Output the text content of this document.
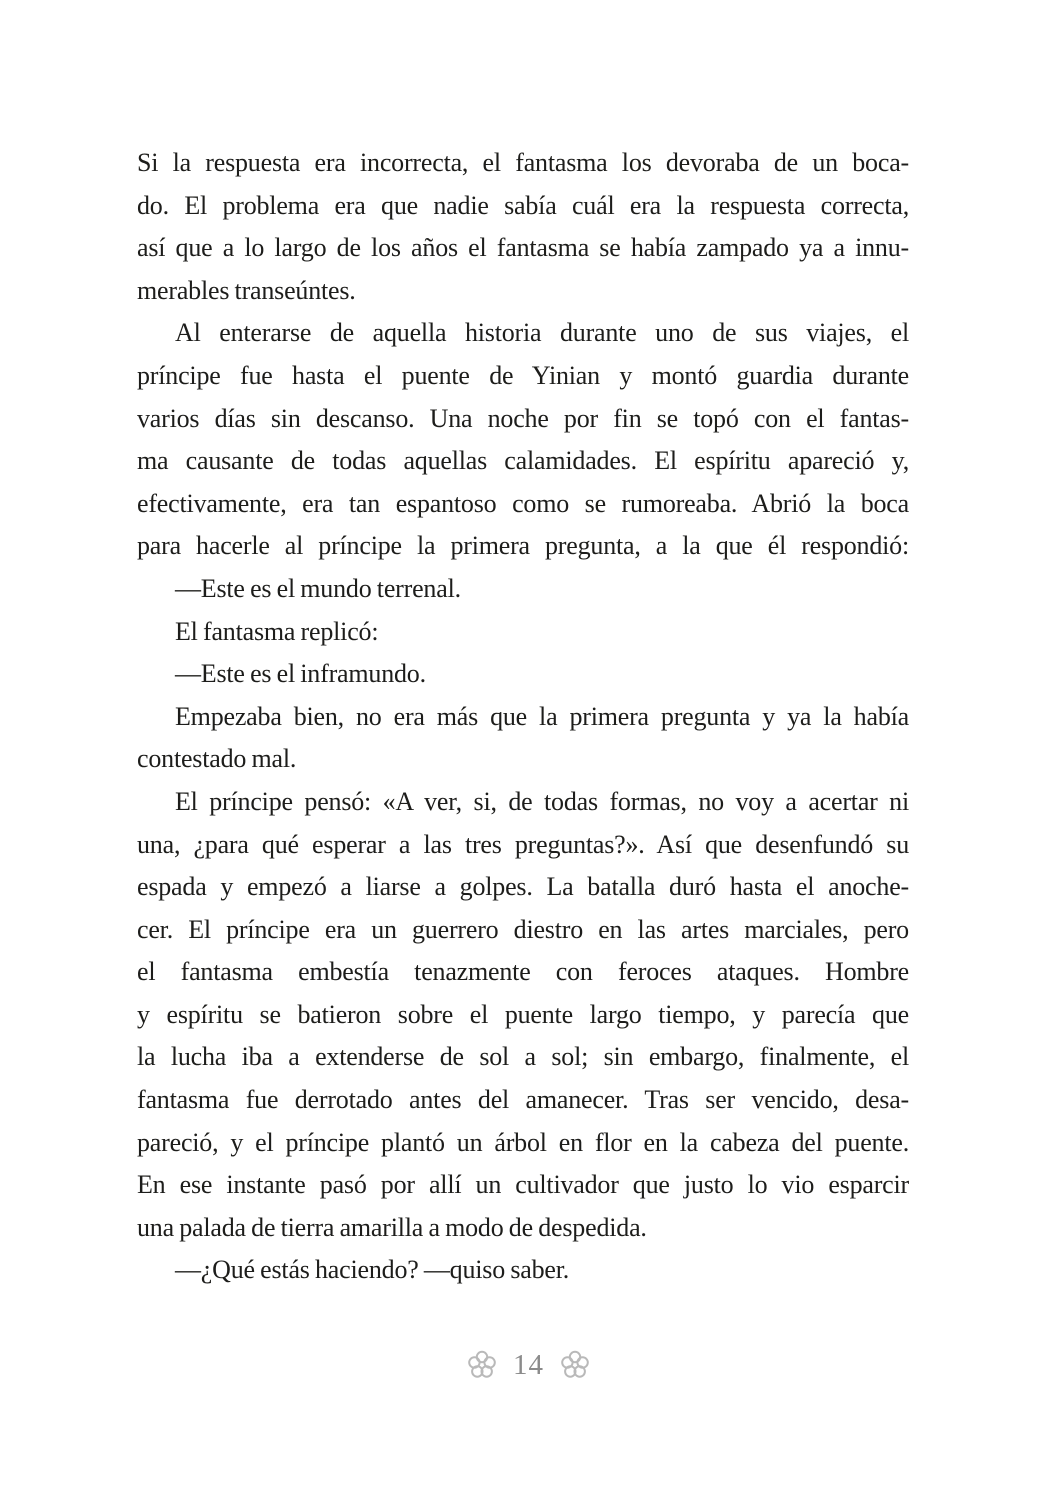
Si la respuesta era incorrecta, el fantasma los devoraba de un boca-
do. El problema era que nadie sabía cuál era la respuesta correcta,
así que a lo largo de los años el fantasma se había zampado ya a innu-
merables transeúntes.
Al enterarse de aquella historia durante uno de sus viajes, el
príncipe fue hasta el puente de Yinian y montó guardia durante
varios días sin descanso. Una noche por fin se topó con el fantas-
ma causante de todas aquellas calamidades. El espíritu apareció y,
efectivamente, era tan espantoso como se rumoreaba. Abrió la boca
para hacerle al príncipe la primera pregunta, a la que él respondió:
—Este es el mundo terrenal.
El fantasma replicó:
—Este es el inframundo.
Empezaba bien, no era más que la primera pregunta y ya la había
contestado mal.
El príncipe pensó: «A ver, si, de todas formas, no voy a acertar ni
una, ¿para qué esperar a las tres preguntas?». Así que desenfundó su
espada y empezó a liarse a golpes. La batalla duró hasta el anoche-
cer. El príncipe era un guerrero diestro en las artes marciales, pero
el fantasma embestía tenazmente con feroces ataques. Hombre
y espíritu se batieron sobre el puente largo tiempo, y parecía que
la lucha iba a extenderse de sol a sol; sin embargo, finalmente, el
fantasma fue derrotado antes del amanecer. Tras ser vencido, desa-
pareció, y el príncipe plantó un árbol en flor en la cabeza del puente.
En ese instante pasó por allí un cultivador que justo lo vio esparcir
una palada de tierra amarilla a modo de despedida.
—¿Qué estás haciendo? —quiso saber.
14
